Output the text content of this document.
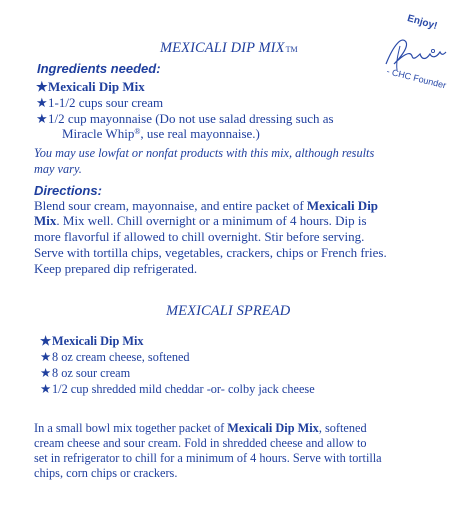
Enjoy!
- CHC Founder
MEXICALI DIP MIXTM
Ingredients needed:
★Mexicali Dip Mix
★1-1/2 cups sour cream
★1/2 cup mayonnaise (Do not use salad dressing such as
Miracle Whip®, use real mayonnaise.)
You may use lowfat or nonfat products with this mix, although results
may vary.
Directions:
Blend sour cream, mayonnaise, and entire packet of Mexicali Dip
Mix. Mix well. Chill overnight or a minimum of 4 hours. Dip is
more flavorful if allowed to chill overnight. Stir before serving.
Serve with tortilla chips, vegetables, crackers, chips or French fries.
Keep prepared dip refrigerated.
MEXICALI SPREAD
★Mexicali Dip Mix
★8 oz cream cheese, softened
★8 oz sour cream
★1/2 cup shredded mild cheddar -or- colby jack cheese
In a small bowl mix together packet of Mexicali Dip Mix, softened
cream cheese and sour cream. Fold in shredded cheese and allow to
set in refrigerator to chill for a minimum of 4 hours. Serve with tortilla
chips, corn chips or crackers.
